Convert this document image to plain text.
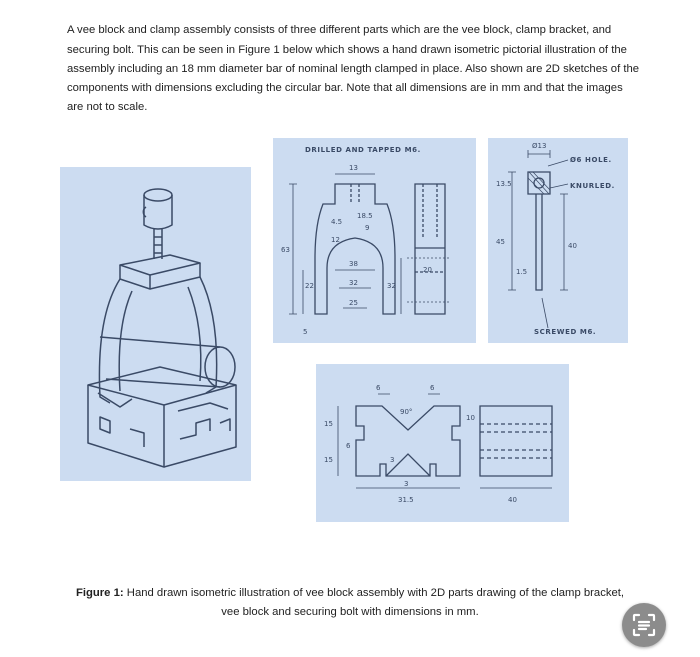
A vee block and clamp assembly consists of three different parts which are the vee block, clamp bracket, and securing bolt. This can be seen in Figure 1 below which shows a hand drawn isometric pictorial illustration of the assembly including an 18 mm diameter bar of nominal length clamped in place. Also shown are 2D sketches of the components with dimensions excluding the circular bar. Note that all dimensions are in mm and that the images are not to scale.

DRILLED AND TAPPED M6.
13
63
38
32
25
22	32
20
5
4.5
18.5
9
12
Ø13
Ø6 HOLE.
KNURLED.
13.5
45	40
1.5
SCREWED M6.
6	6
90°
10
15
15
6
3
3
31.5	40
Figure 1: Hand drawn isometric illustration of vee block assembly with 2D parts drawing of the clamp bracket, vee block and securing bolt with dimensions in mm.
